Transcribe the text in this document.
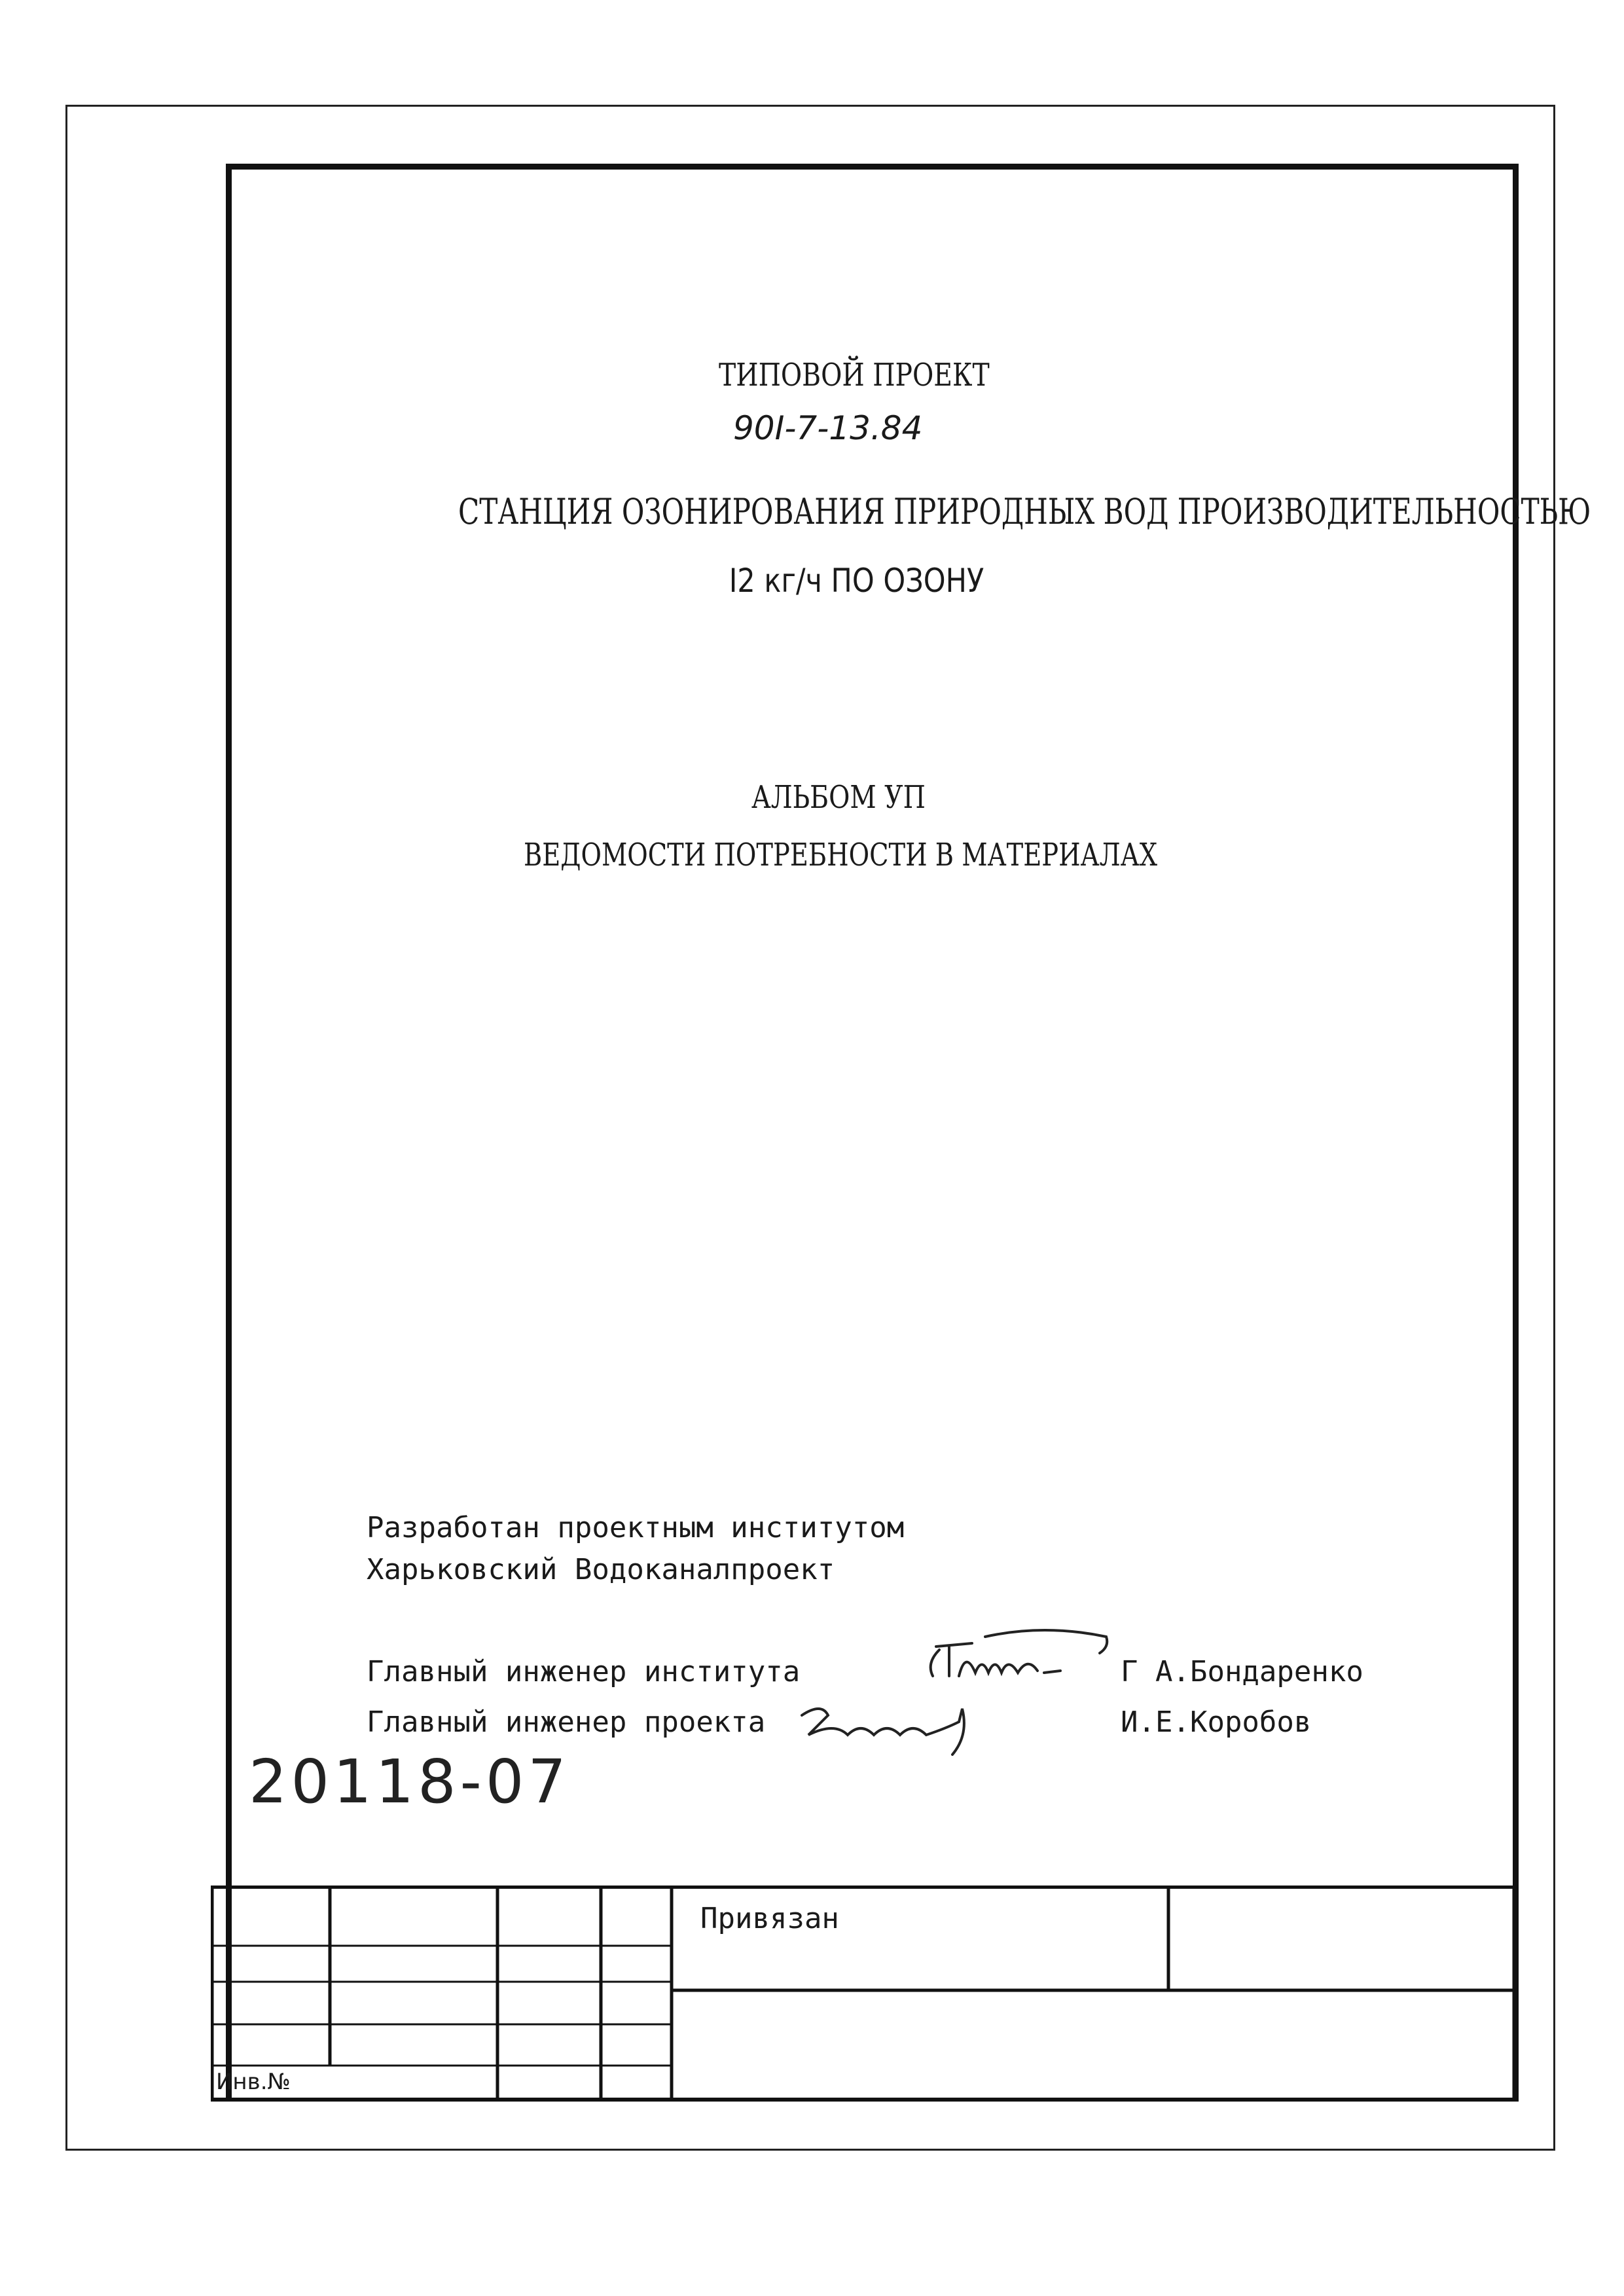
ТИПОВОЙ ПРОЕКТ
90I-7-13.84
СТАНЦИЯ ОЗОНИРОВАНИЯ ПРИРОДНЫХ ВОД ПРОИЗВОДИТЕЛЬНОСТЬЮ
I2 кг/ч ПО ОЗОНУ
АЛЬБОМ УП
ВЕДОМОСТИ ПОТРЕБНОСТИ В МАТЕРИАЛАХ
Разработан проектным институтом
Харьковский Водоканалпроект
Главный инженер института	Г А.Бондаренко
Главный инженер проекта	И.Е.Коробов
20118-07
Привязан
Инв.№
